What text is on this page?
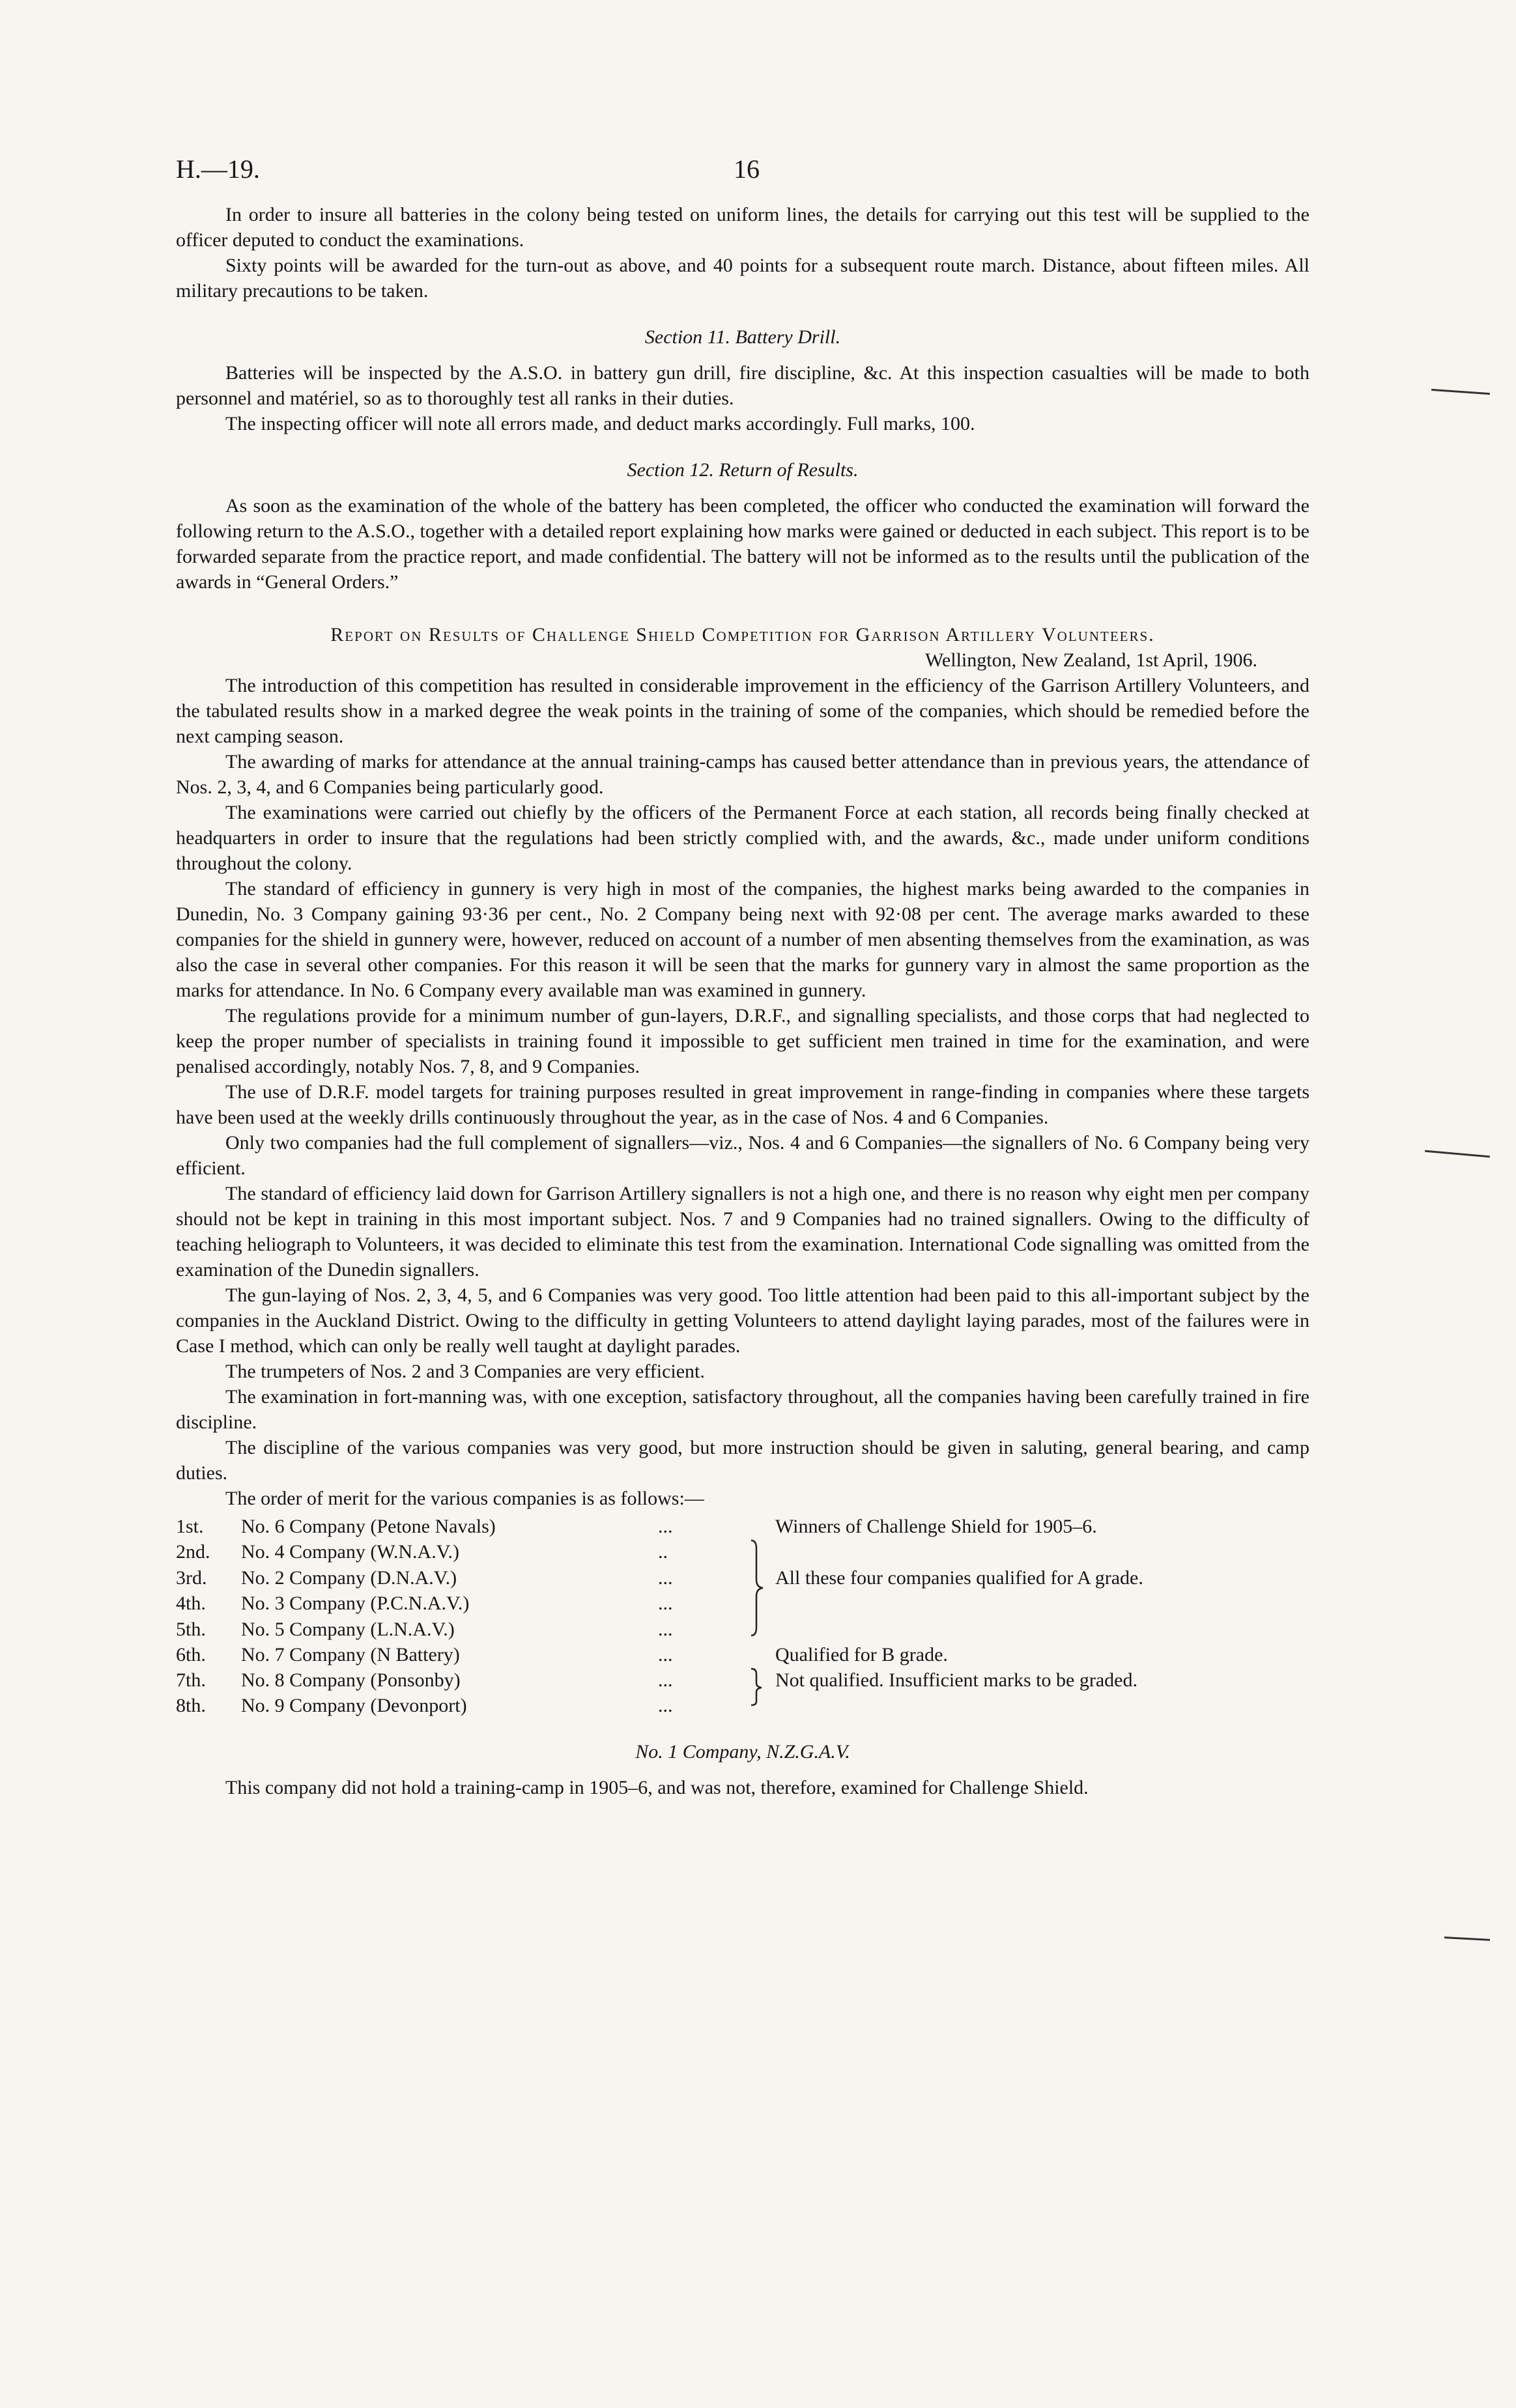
H.—19.	16

In order to insure all batteries in the colony being tested on uniform lines, the details for carrying out this test will be supplied to the officer deputed to conduct the examinations.

Sixty points will be awarded for the turn-out as above, and 40 points for a subsequent route march. Distance, about fifteen miles. All military precautions to be taken.

Section 11. Battery Drill.

Batteries will be inspected by the A.S.O. in battery gun drill, fire discipline, &c. At this inspection casualties will be made to both personnel and matériel, so as to thoroughly test all ranks in their duties.

The inspecting officer will note all errors made, and deduct marks accordingly. Full marks, 100.

Section 12. Return of Results.

As soon as the examination of the whole of the battery has been completed, the officer who conducted the examination will forward the following return to the A.S.O., together with a detailed report explaining how marks were gained or deducted in each subject. This report is to be forwarded separate from the practice report, and made confidential. The battery will not be informed as to the results until the publication of the awards in “General Orders.”

Report on Results of Challenge Shield Competition for Garrison Artillery Volunteers.
Wellington, New Zealand, 1st April, 1906.

The introduction of this competition has resulted in considerable improvement in the efficiency of the Garrison Artillery Volunteers, and the tabulated results show in a marked degree the weak points in the training of some of the companies, which should be remedied before the next camping season.

The awarding of marks for attendance at the annual training-camps has caused better attendance than in previous years, the attendance of Nos. 2, 3, 4, and 6 Companies being particularly good.

The examinations were carried out chiefly by the officers of the Permanent Force at each station, all records being finally checked at headquarters in order to insure that the regulations had been strictly complied with, and the awards, &c., made under uniform conditions throughout the colony.

The standard of efficiency in gunnery is very high in most of the companies, the highest marks being awarded to the companies in Dunedin, No. 3 Company gaining 93·36 per cent., No. 2 Company being next with 92·08 per cent. The average marks awarded to these companies for the shield in gunnery were, however, reduced on account of a number of men absenting themselves from the examination, as was also the case in several other companies. For this reason it will be seen that the marks for gunnery vary in almost the same proportion as the marks for attendance. In No. 6 Company every available man was examined in gunnery.

The regulations provide for a minimum number of gun-layers, D.R.F., and signalling specialists, and those corps that had neglected to keep the proper number of specialists in training found it impossible to get sufficient men trained in time for the examination, and were penalised accordingly, notably Nos. 7, 8, and 9 Companies.

The use of D.R.F. model targets for training purposes resulted in great improvement in range-finding in companies where these targets have been used at the weekly drills continuously throughout the year, as in the case of Nos. 4 and 6 Companies.

Only two companies had the full complement of signallers—viz., Nos. 4 and 6 Companies—the signallers of No. 6 Company being very efficient.

The standard of efficiency laid down for Garrison Artillery signallers is not a high one, and there is no reason why eight men per company should not be kept in training in this most important subject. Nos. 7 and 9 Companies had no trained signallers. Owing to the difficulty of teaching heliograph to Volunteers, it was decided to eliminate this test from the examination. International Code signalling was omitted from the examination of the Dunedin signallers.

The gun-laying of Nos. 2, 3, 4, 5, and 6 Companies was very good. Too little attention had been paid to this all-important subject by the companies in the Auckland District. Owing to the difficulty in getting Volunteers to attend daylight laying parades, most of the failures were in Case I method, which can only be really well taught at daylight parades.

The trumpeters of Nos. 2 and 3 Companies are very efficient.

The examination in fort-manning was, with one exception, satisfactory throughout, all the companies having been carefully trained in fire discipline.

The discipline of the various companies was very good, but more instruction should be given in saluting, general bearing, and camp duties.

The order of merit for the various companies is as follows:—

1st.	No. 6 Company (Petone Navals)	...		Winners of Challenge Shield for 1905–6.
2nd.	No. 4 Company (W.N.A.V.)	..		
3rd.	No. 2 Company (D.N.A.V.)	...		All these four companies qualified for A grade.
4th.	No. 3 Company (P.C.N.A.V.)	...		
5th.	No. 5 Company (L.N.A.V.)	...		
6th.	No. 7 Company (N Battery)	...		Qualified for B grade.
7th.	No. 8 Company (Ponsonby)	...		Not qualified. Insufficient marks to be graded.
8th.	No. 9 Company (Devonport)	...		
No. 1 Company, N.Z.G.A.V.

This company did not hold a training-camp in 1905–6, and was not, therefore, examined for Challenge Shield.
